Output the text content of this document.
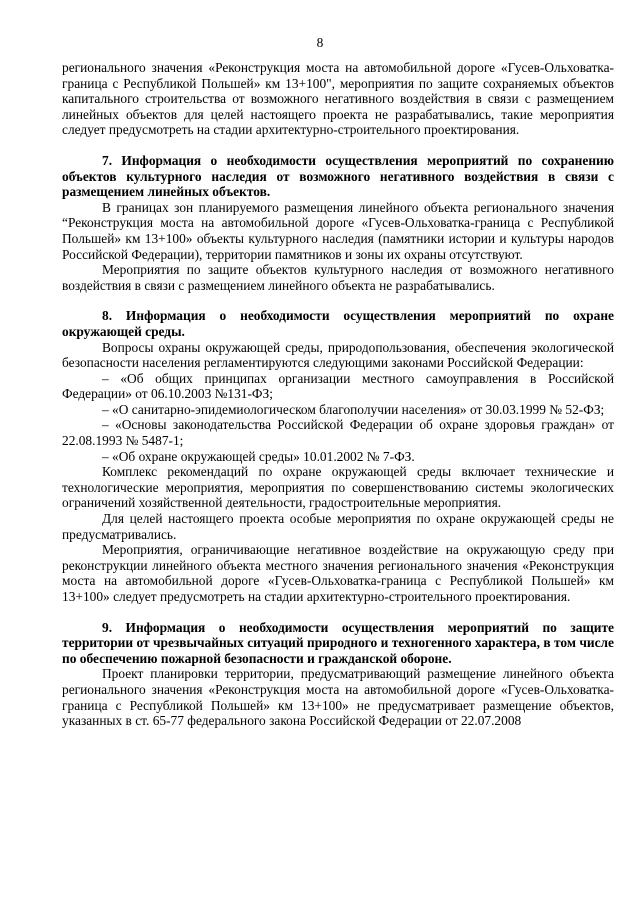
8

регионального значения «Реконструкция моста на автомобильной дороге «Гусев-Ольховатка-граница с Республикой Польшей» км 13+100", мероприятия по защите сохраняемых объектов капитального строительства от возможного негативного воздействия в связи с размещением линейных объектов для целей настоящего проекта не разрабатывались, такие мероприятия следует предусмотреть на стадии архитектурно-строительного проектирования.

7. Информация о необходимости осуществления мероприятий по сохранению объектов культурного наследия от возможного негативного воздействия в связи с размещением линейных объектов.

В границах зон планируемого размещения линейного объекта регионального значения “Реконструкция моста на автомобильной дороге «Гусев-Ольховатка-граница с Республикой Польшей» км 13+100» объекты культурного наследия (памятники истории и культуры народов Российской Федерации), территории памятников и зоны их охраны отсутствуют.

Мероприятия по защите объектов культурного наследия от возможного негативного воздействия в связи с размещением линейного объекта не разрабатывались.

8. Информация о необходимости осуществления мероприятий по охране окружающей среды.

Вопросы охраны окружающей среды, природопользования, обеспечения экологической безопасности населения регламентируются следующими законами Российской Федерации:

– «Об общих принципах организации местного самоуправления в Российской Федерации» от 06.10.2003 №131-ФЗ;

– «О санитарно-эпидемиологическом благополучии населения» от 30.03.1999 № 52-ФЗ;

– «Основы законодательства Российской Федерации об охране здоровья граждан» от 22.08.1993 № 5487-1;

– «Об охране окружающей среды» 10.01.2002 № 7-ФЗ.

Комплекс рекомендаций по охране окружающей среды включает технические и технологические мероприятия, мероприятия по совершенствованию системы экологических ограничений хозяйственной деятельности, градостроительные мероприятия.

Для целей настоящего проекта особые мероприятия по охране окружающей среды не предусматривались.

Мероприятия, ограничивающие негативное воздействие на окружающую среду при реконструкции линейного объекта местного значения регионального значения «Реконструкция моста на автомобильной дороге «Гусев-Ольховатка-граница с Республикой Польшей» км 13+100» следует предусмотреть на стадии архитектурно-строительного проектирования.

9. Информация о необходимости осуществления мероприятий по защите территории от чрезвычайных ситуаций природного и техногенного характера, в том числе по обеспечению пожарной безопасности и гражданской обороне.

Проект планировки территории, предусматривающий размещение линейного объекта регионального значения «Реконструкция моста на автомобильной дороге «Гусев-Ольховатка-граница с Республикой Польшей» км 13+100» не предусматривает размещение объектов, указанных в ст. 65-77 федерального закона Российской Федерации от 22.07.2008
